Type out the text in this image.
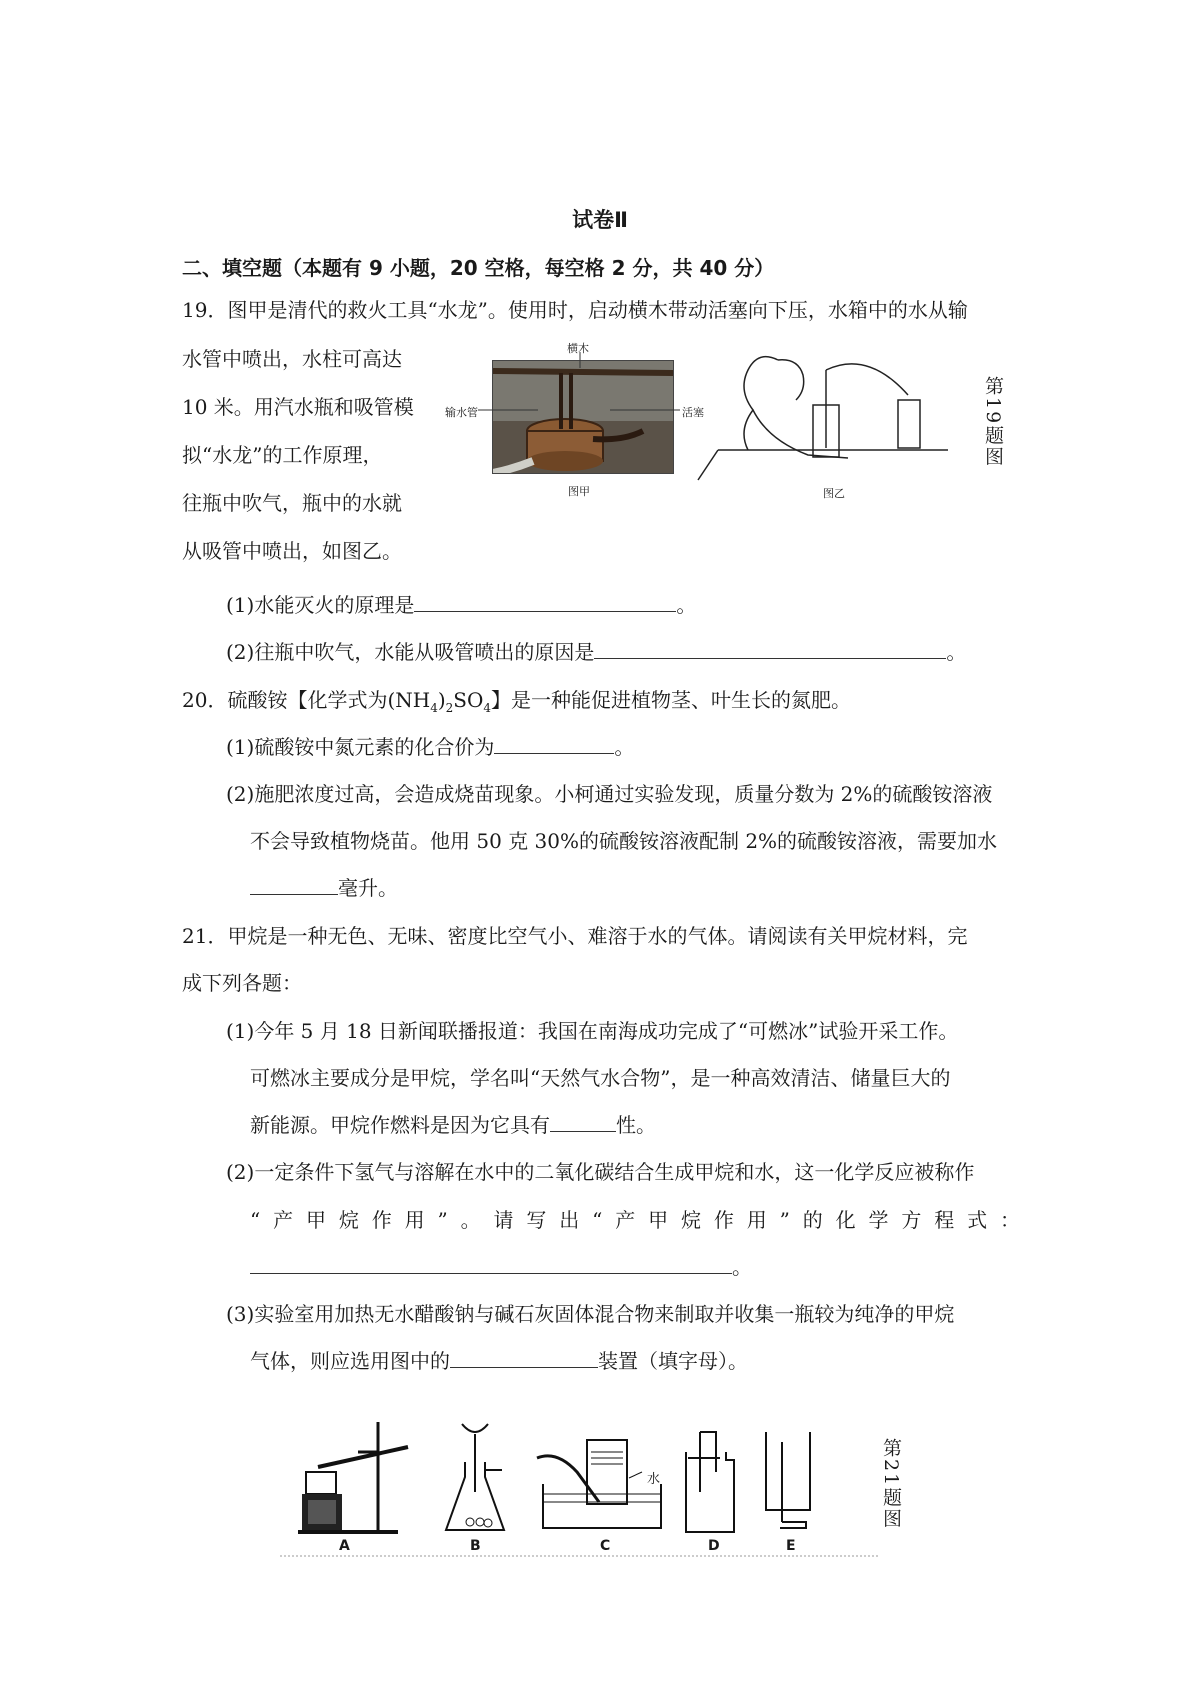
试卷Ⅱ
二、填空题（本题有 9 小题，20 空格，每空格 2 分，共 40 分）
19．图甲是清代的救火工具“水龙”。使用时，启动横木带动活塞向下压，水箱中的水从输
水管中喷出，水柱可高达
10 米。用汽水瓶和吸管模
拟“水龙”的工作原理，
往瓶中吹气，瓶中的水就
从吸管中喷出，如图乙。
横木
输水管	活塞
图甲	图乙
第19题图
(1)水能灭火的原理是	。
(2)往瓶中吹气，水能从吸管喷出的原因是	。
20．硫酸铵【化学式为$(NH_4)_2SO_4$】是一种能促进植物茎、叶生长的氮肥。
(1)硫酸铵中氮元素的化合价为	。
(2)施肥浓度过高，会造成烧苗现象。小柯通过实验发现，质量分数为 2%的硫酸铵溶液
不会导致植物烧苗。他用 50 克 30%的硫酸铵溶液配制 2%的硫酸铵溶液，需要加水
毫升。
21．甲烷是一种无色、无味、密度比空气小、难溶于水的气体。请阅读有关甲烷材料，完
成下列各题：
(1)今年 5 月 18 日新闻联播报道：我国在南海成功完成了“可燃冰”试验开采工作。
可燃冰主要成分是甲烷，学名叫“天然气水合物”，是一种高效清洁、储量巨大的
新能源。甲烷作燃料是因为它具有	性。
(2)一定条件下氢气与溶解在水中的二氧化碳结合生成甲烷和水，这一化学反应被称作
“ 产 甲 烷 作 用 ” 。 请 写 出 “ 产 甲 烷 作 用 ” 的 化 学 方 程 式 ：
。
(3)实验室用加热无水醋酸钠与碱石灰固体混合物来制取并收集一瓶较为纯净的甲烷
气体，则应选用图中的	装置（填字母）。
水
A	B	C	D	E
第21题图
